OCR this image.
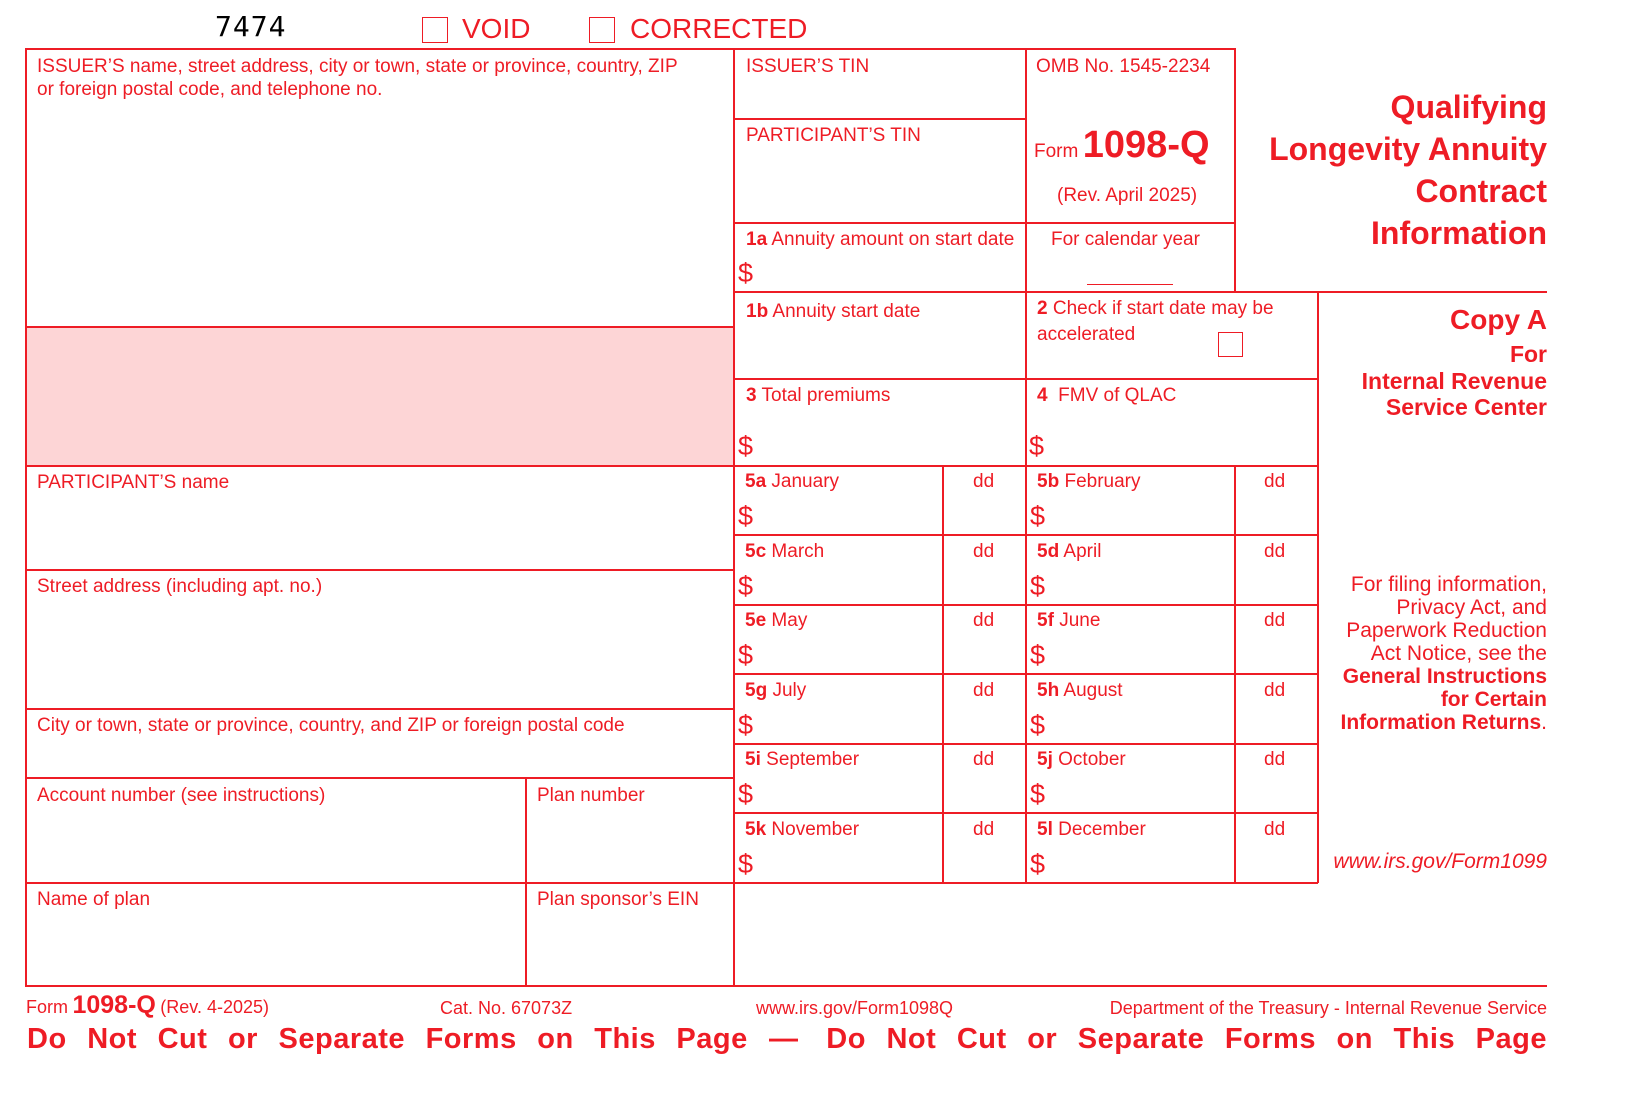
7474	VOID	CORRECTED
ISSUER’S name, street address, city or town, state or province, country, ZIP
or foreign postal code, and telephone no.
PARTICIPANT’S name
Street address (including apt. no.)
City or town, state or province, country, and ZIP or foreign postal code
Account number (see instructions)	Plan number
Name of plan	Plan sponsor’s EIN
ISSUER’S TIN
PARTICIPANT’S TIN
1a Annuity amount on start date
$
1b Annuity start date
3 Total premiums
$
OMB No. 1545-2234
Form 1098-Q
(Rev. April 2025)
For calendar year
2 Check if start date may be
accelerated
4 FMV of QLAC
$
5a January	dd
$
5b February	dd
$
5c March	dd
$
5d April	dd
$
5e May	dd
$
5f June	dd
$
5g July	dd
$
5h August	dd
$
5i September	dd
$
5j October	dd
$
5k November	dd
$
5l December	dd
$
Qualifying
Longevity Annuity
Contract
Information
Copy A
For
Internal Revenue
Service Center
For filing information,
Privacy Act, and
Paperwork Reduction
Act Notice, see the
General Instructions
for Certain
Information Returns.
www.irs.gov/Form1099
Form 1098-Q (Rev. 4-2025)	Cat. No. 67073Z	www.irs.gov/Form1098Q	Department of the Treasury - Internal Revenue Service
Do Not Cut or Separate Forms on This Page — Do Not Cut or Separate Forms on This Page
